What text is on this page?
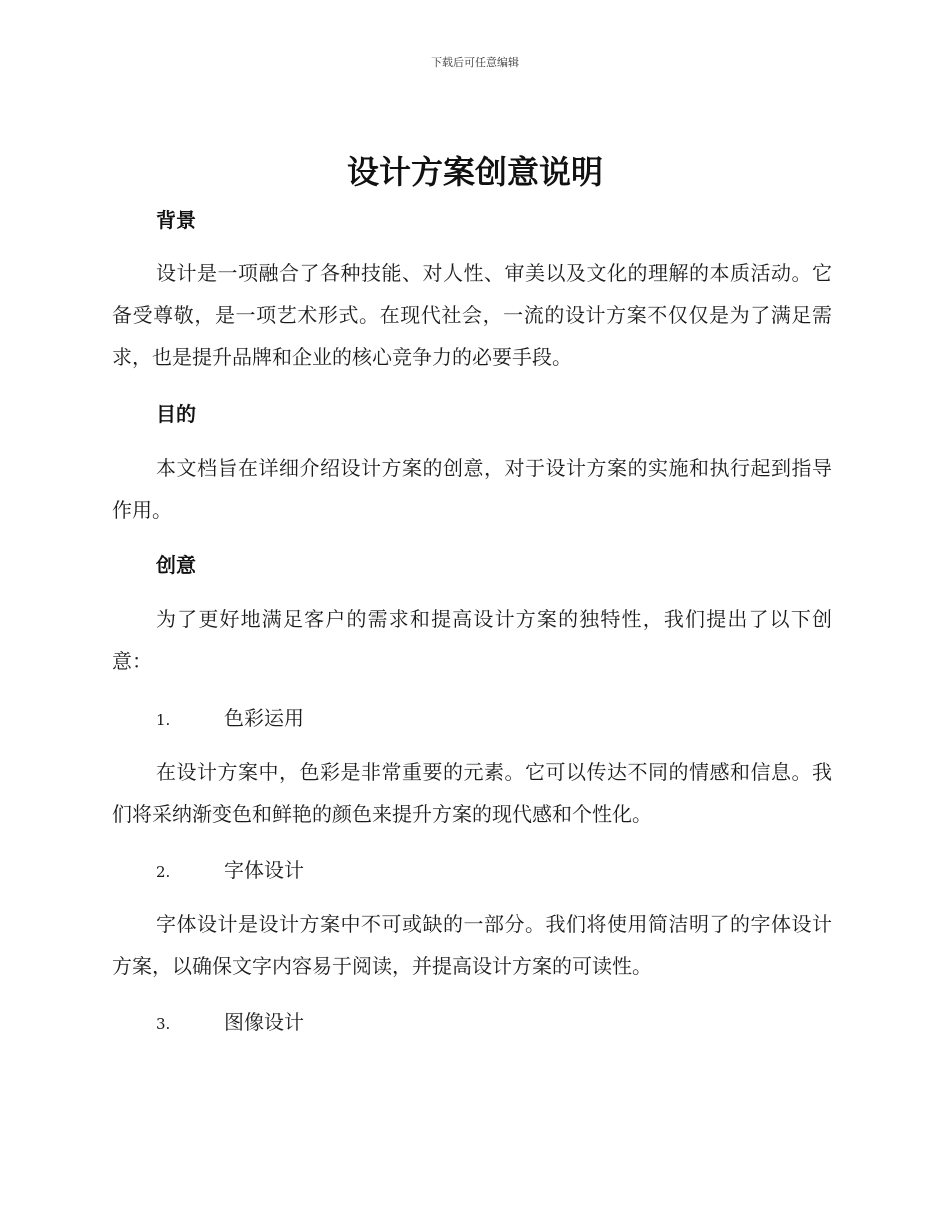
下载后可任意编辑
设计方案创意说明

背景

设计是一项融合了各种技能、对人性、审美以及文化的理解的本质活动。它备受尊敬，是一项艺术形式。在现代社会，一流的设计方案不仅仅是为了满足需求，也是提升品牌和企业的核心竞争力的必要手段。

目的

本文档旨在详细介绍设计方案的创意，对于设计方案的实施和执行起到指导作用。

创意

为了更好地满足客户的需求和提高设计方案的独特性，我们提出了以下创意：

1.	色彩运用

在设计方案中，色彩是非常重要的元素。它可以传达不同的情感和信息。我们将采纳渐变色和鲜艳的颜色来提升方案的现代感和个性化。

2.	字体设计

字体设计是设计方案中不可或缺的一部分。我们将使用简洁明了的字体设计方案，以确保文字内容易于阅读，并提高设计方案的可读性。

3.	图像设计
